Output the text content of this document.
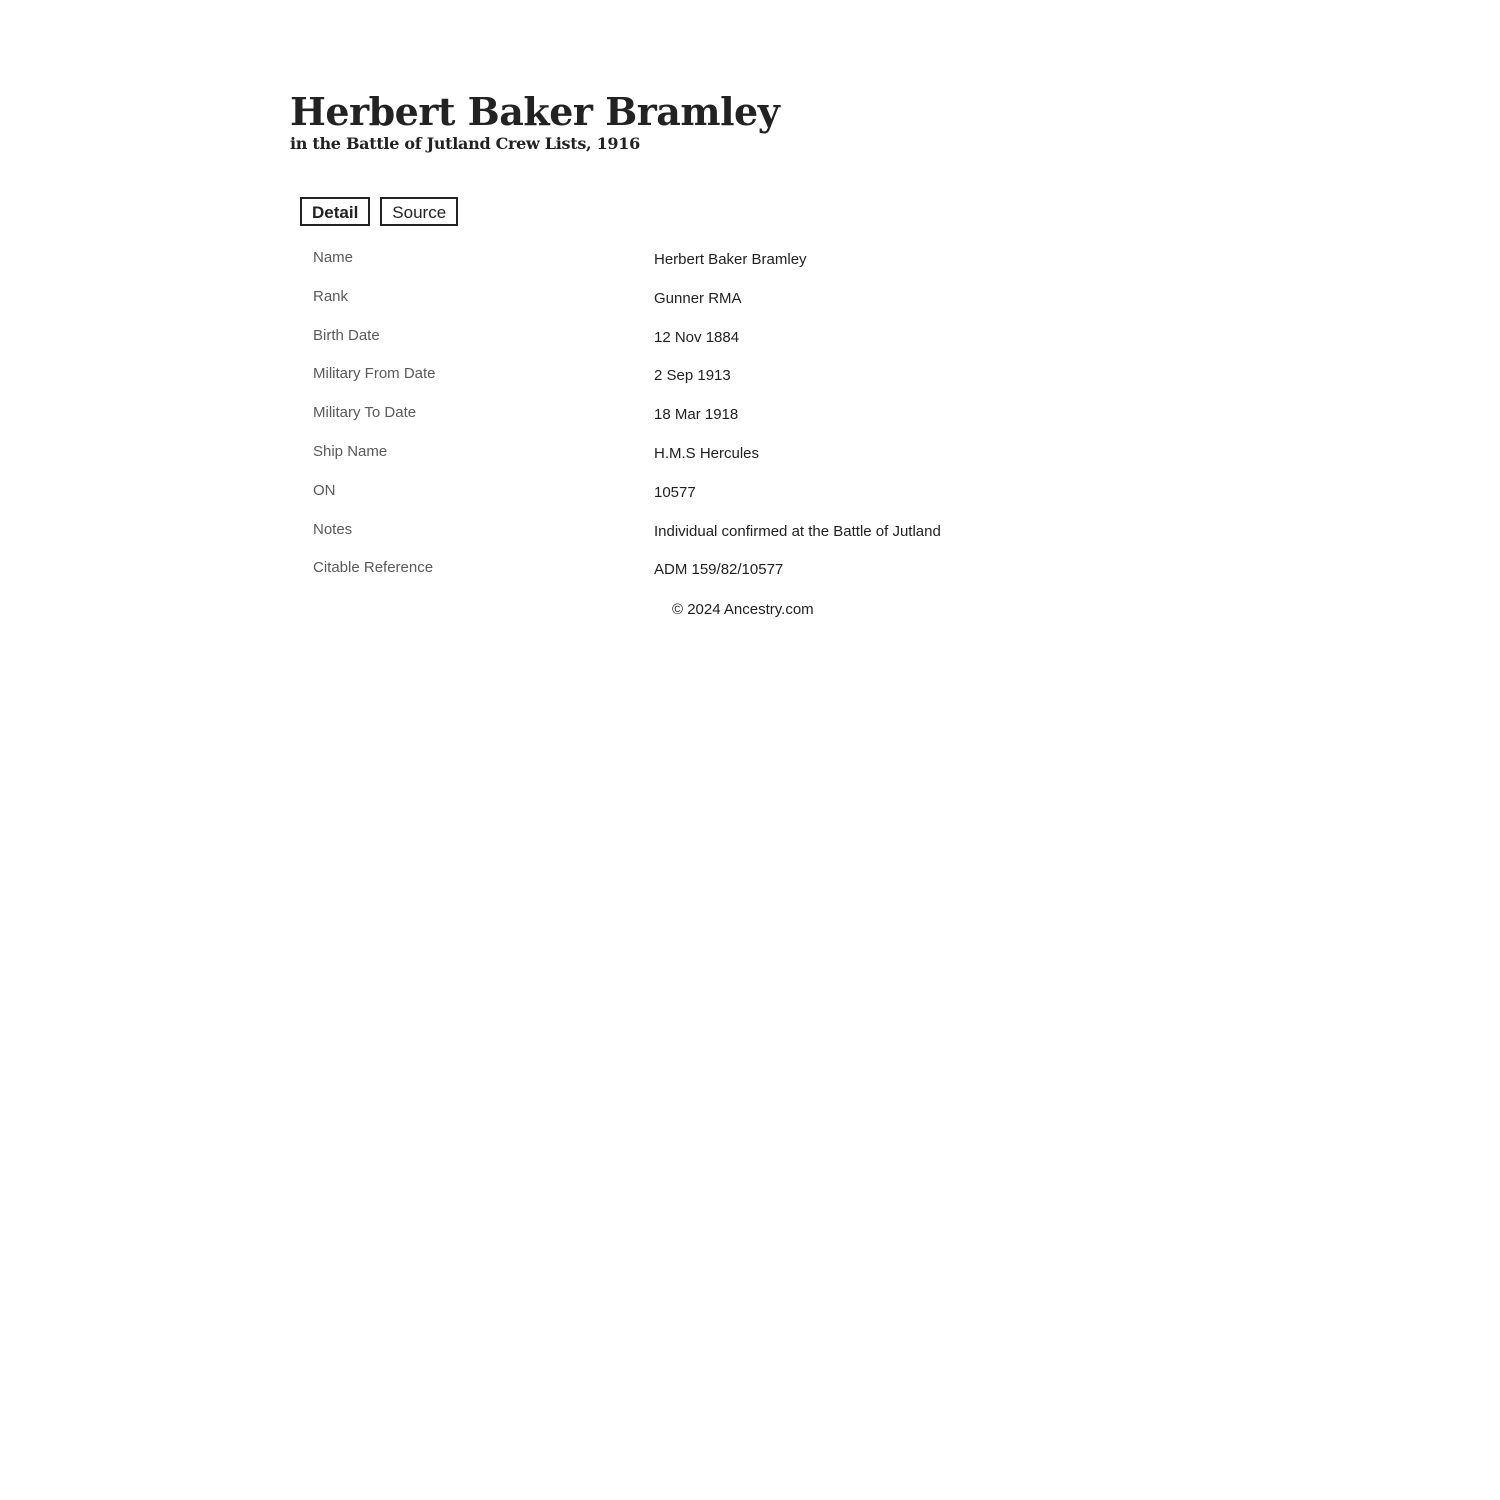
Herbert Baker Bramley
in the Battle of Jutland Crew Lists, 1916
Detail	Source
Name	Herbert Baker Bramley
Rank	Gunner RMA
Birth Date	12 Nov 1884
Military From Date	2 Sep 1913
Military To Date	18 Mar 1918
Ship Name	H.M.S Hercules
ON	10577
Notes	Individual confirmed at the Battle of Jutland
Citable Reference	ADM 159/82/10577
© 2024 Ancestry.com
